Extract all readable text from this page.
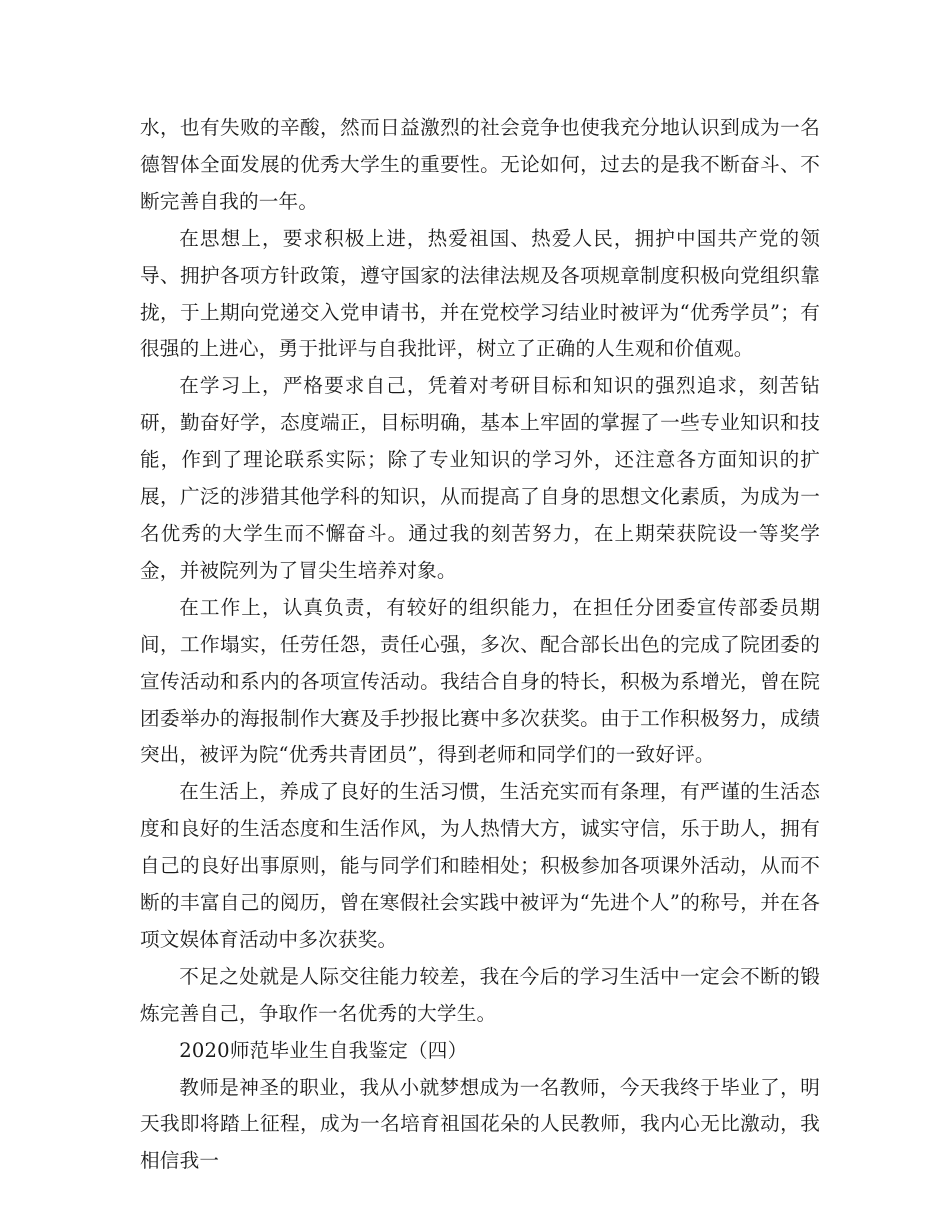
水，也有失败的辛酸，然而日益激烈的社会竞争也使我充分地认识到成为一名德智体全面发展的优秀大学生的重要性。无论如何，过去的是我不断奋斗、不断完善自我的一年。

在思想上，要求积极上进，热爱祖国、热爱人民，拥护中国共产党的领导、拥护各项方针政策，遵守国家的法律法规及各项规章制度积极向党组织靠拢，于上期向党递交入党申请书，并在党校学习结业时被评为“优秀学员”；有很强的上进心，勇于批评与自我批评，树立了正确的人生观和价值观。

在学习上，严格要求自己，凭着对考研目标和知识的强烈追求，刻苦钻研，勤奋好学，态度端正，目标明确，基本上牢固的掌握了一些专业知识和技能，作到了理论联系实际；除了专业知识的学习外，还注意各方面知识的扩展，广泛的涉猎其他学科的知识，从而提高了自身的思想文化素质，为成为一名优秀的大学生而不懈奋斗。通过我的刻苦努力，在上期荣获院设一等奖学金，并被院列为了冒尖生培养对象。

在工作上，认真负责，有较好的组织能力，在担任分团委宣传部委员期间，工作塌实，任劳任怨，责任心强，多次、配合部长出色的完成了院团委的宣传活动和系内的各项宣传活动。我结合自身的特长，积极为系增光，曾在院团委举办的海报制作大赛及手抄报比赛中多次获奖。由于工作积极努力，成绩突出，被评为院“优秀共青团员”，得到老师和同学们的一致好评。

在生活上，养成了良好的生活习惯，生活充实而有条理，有严谨的生活态度和良好的生活态度和生活作风，为人热情大方，诚实守信，乐于助人，拥有自己的良好出事原则，能与同学们和睦相处；积极参加各项课外活动，从而不断的丰富自己的阅历，曾在寒假社会实践中被评为“先进个人”的称号，并在各项文娱体育活动中多次获奖。

不足之处就是人际交往能力较差，我在今后的学习生活中一定会不断的锻炼完善自己，争取作一名优秀的大学生。

2020师范毕业生自我鉴定（四）

教师是神圣的职业，我从小就梦想成为一名教师，今天我终于毕业了，明天我即将踏上征程，成为一名培育祖国花朵的人民教师，我内心无比激动，我相信我一
